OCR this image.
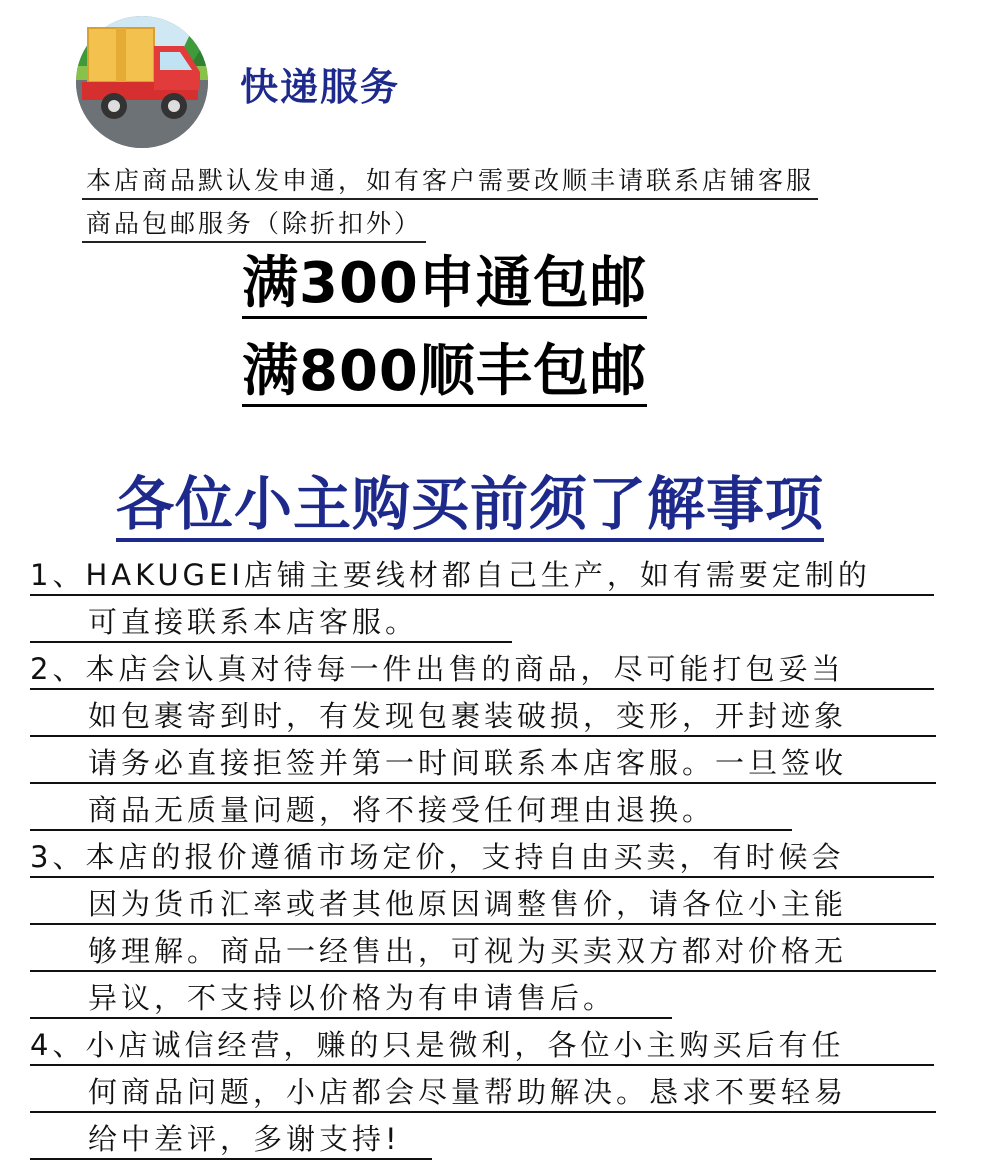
快递服务
本店商品默认发申通，如有客户需要改顺丰请联系店铺客服
商品包邮服务（除折扣外）
满300申通包邮
满800顺丰包邮
各位小主购买前须了解事项
1、HAKUGEI店铺主要线材都自己生产，如有需要定制的
可直接联系本店客服。
2、本店会认真对待每一件出售的商品，尽可能打包妥当
如包裹寄到时，有发现包裹装破损，变形，开封迹象
请务必直接拒签并第一时间联系本店客服。一旦签收
商品无质量问题，将不接受任何理由退换。
3、本店的报价遵循市场定价，支持自由买卖，有时候会
因为货币汇率或者其他原因调整售价，请各位小主能
够理解。商品一经售出，可视为买卖双方都对价格无
异议，不支持以价格为有申请售后。
4、小店诚信经营，赚的只是微利，各位小主购买后有任
何商品问题，小店都会尽量帮助解决。恳求不要轻易
给中差评，多谢支持!
